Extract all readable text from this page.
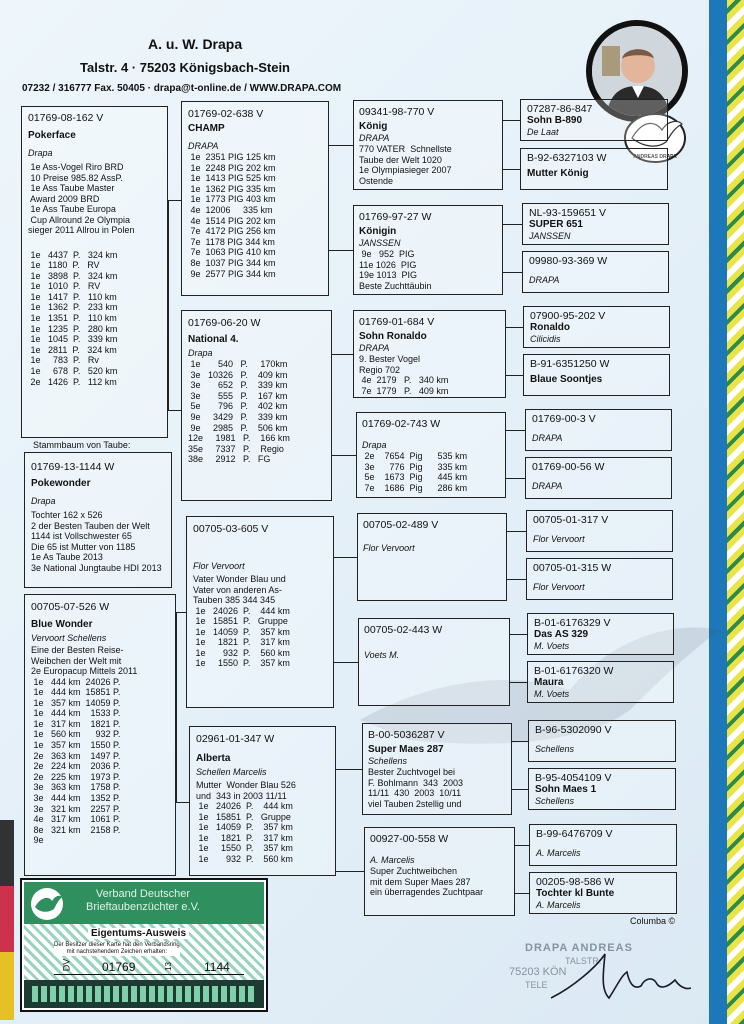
A. u. W. Drapa
Talstr. 4 · 75203 Königsbach-Stein
07232 / 316777 Fax. 50405 · drapa@t-online.de / WWW.DRAPA.COM
ANDREAS DRAPA
01769-08-162 V
Pokerface
Drapa
1e Ass-Vogel Riro BRD
10 Preise 985.82 AssP.
1e Ass Taube Master
Award 2009 BRD
1e Ass Taube Europa
Cup Allround 2e Olympia
sieger 2011 Allrou in Polen
1e   4437  P.   324 km
1e   1180  P.   RV
1e   3898  P.   324 km
1e   1010  P.   RV
1e   1417  P.   110 km
1e   1362  P.   233 km
1e   1351  P.   110 km
1e   1235  P.   280 km
1e   1045  P.   339 km
1e   2811  P.   324 km
1e     783  P.   Rv
1e     678  P.   520 km
2e   1426  P.   112 km
Stammbaum von Taube:
01769-13-1144 W
Pokewonder
Drapa
Tochter 162 x 526
2 der Besten Tauben der Welt
1144 ist Vollschwester 65
Die 65 ist Mutter von 1185
1e As Taube 2013
3e National Jungtaube HDI 2013
00705-07-526 W
Blue Wonder
Vervoort Schellens
Eine der Besten Reise-
Weibchen der Welt mit
2e Europacup Mittels 2011
1e   444 km  24026 P.
1e   444 km  15851 P.
1e   357 km  14059 P.
1e   444 km    1533 P.
1e   317 km    1821 P.
1e   560 km      932 P.
1e   357 km    1550 P.
2e   363 km    1497 P.
2e   224 km    2036 P.
2e   225 km    1973 P.
3e   363 km    1758 P.
3e   444 km    1352 P.
3e   321 km    2257 P.
4e   317 km    1061 P.
8e   321 km    2158 P.
9e
01769-02-638 V
CHAMP
DRAPA
1e  2351 PIG 125 km
1e  2248 PIG 202 km
1e  1413 PIG 525 km
1e  1362 PIG 335 km
1e  1773 PIG 403 km
4e  12006     335 km
4e  1514 PIG 202 km
7e  4172 PIG 256 km
7e  1178 PIG 344 km
7e  1063 PIG 410 km
8e  1037 PIG 344 km
9e  2577 PIG 344 km
01769-06-20 W
National 4.
Drapa
1e       540   P.     170km
3e   10326   P.    409 km
3e       652   P.    339 km
3e       555   P.    167 km
5e       796   P.    402 km
9e     3429   P.    339 km
9e     2985   P.    506 km
12e     1981   P.    166 km
35e     7337   P.    Regio
38e     2912   P.   FG
00705-03-605 V
Flor Vervoort
Vater Wonder Blau und
Vater von anderen As-
Tauben 385 344 345
1e   24026  P.    444 km
1e   15851  P.   Gruppe
1e   14059  P.    357 km
1e     1821  P.    317 km
1e       932  P.    560 km
1e     1550  P.    357 km
02961-01-347 W
Alberta
Schellen Marcelis
Mutter  Wonder Blau 526
und  343 in 2003 11/11
1e   24026  P.    444 km
1e   15851  P.   Gruppe
1e   14059  P.    357 km
1e     1821  P.    317 km
1e     1550  P.    357 km
1e       932  P.    560 km
09341-98-770 V
König
DRAPA
770 VATER  Schnellste
Taube der Welt 1020
1e Olympiasieger 2007
Ostende
01769-97-27 W
Königin
JANSSEN
9e   952  PIG
11e 1026  PIG
19e 1013  PIG
Beste Zuchttäubin
01769-01-684 V
Sohn Ronaldo
DRAPA
9. Bester Vogel
Regio 702
4e  2179   P.   340 km
7e  1779   P.   409 km
01769-02-743 W
Drapa
2e    7654  Pig      535 km
3e      776  Pig      335 km
5e    1673  Pig      445 km
7e    1686  Pig      286 km
00705-02-489 V
Flor Vervoort
00705-02-443 W
Voets M.
B-00-5036287 V
Super Maes 287
Schellens
Bester Zuchtvogel bei
F. Bohlmann  343  2003
11/11  430  2003  10/11
viel Tauben 2stellig und
00927-00-558 W
A. Marcelis
Super Zuchtweibchen
mit dem Super Maes 287
ein überragendes Zuchtpaar
07287-86-847
Sohn B-890
De Laat
B-92-6327103 W
Mutter König
NL-93-159651 V
SUPER 651
JANSSEN
09980-93-369 W
DRAPA
07900-95-202 V
Ronaldo
Cilicidis
B-91-6351250 W
Blaue Soontjes
01769-00-3 V
DRAPA
01769-00-56 W
DRAPA
00705-01-317 V
Flor Vervoort
00705-01-315 W
Flor Vervoort
B-01-6176329 V
Das AS 329
M. Voets
B-01-6176320 W
Maura
M. Voets
B-96-5302090 V
Schellens
B-95-4054109 V
Sohn Maes 1
Schellens
B-99-6476709 V
A. Marcelis
00205-98-586 W
Tochter kl Bunte
A. Marcelis
Columba ©
DRAPA ANDREAS
TALSTR.
75203 KÖN
TELE
Verband Deutscher
Brieftaubenzüchter e.V.
Eigentums-Ausweis
Der Besitzer dieser Karte hat den Verbandsring
mit nachstehendem Zeichen erhalten:
DV	01769	13	1144
